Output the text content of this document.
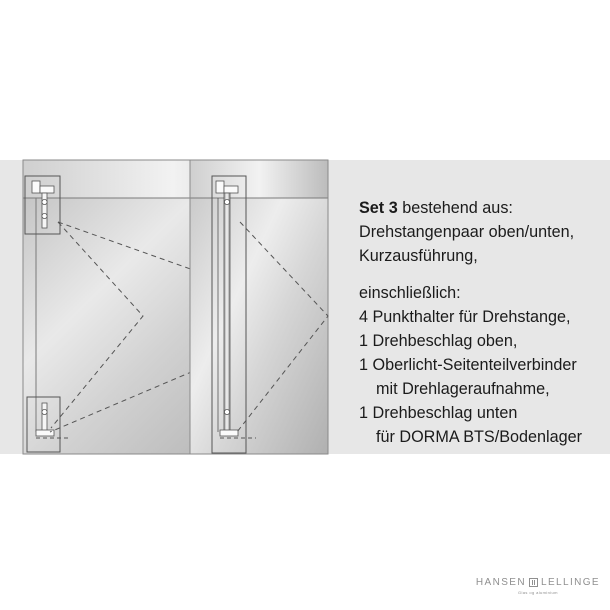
Set 3 bestehend aus:
Drehstangenpaar oben/unten,
Kurzausführung,
einschließlich:
4 Punkthalter für Drehstange,
1 Drehbeschlag oben,
1 Oberlicht-Seitenteilverbinder
mit Drehlageraufnahme,
1 Drehbeschlag unten
für DORMA BTS/Bodenlager
HANSEN LELLINGE
Glas og aluminium
